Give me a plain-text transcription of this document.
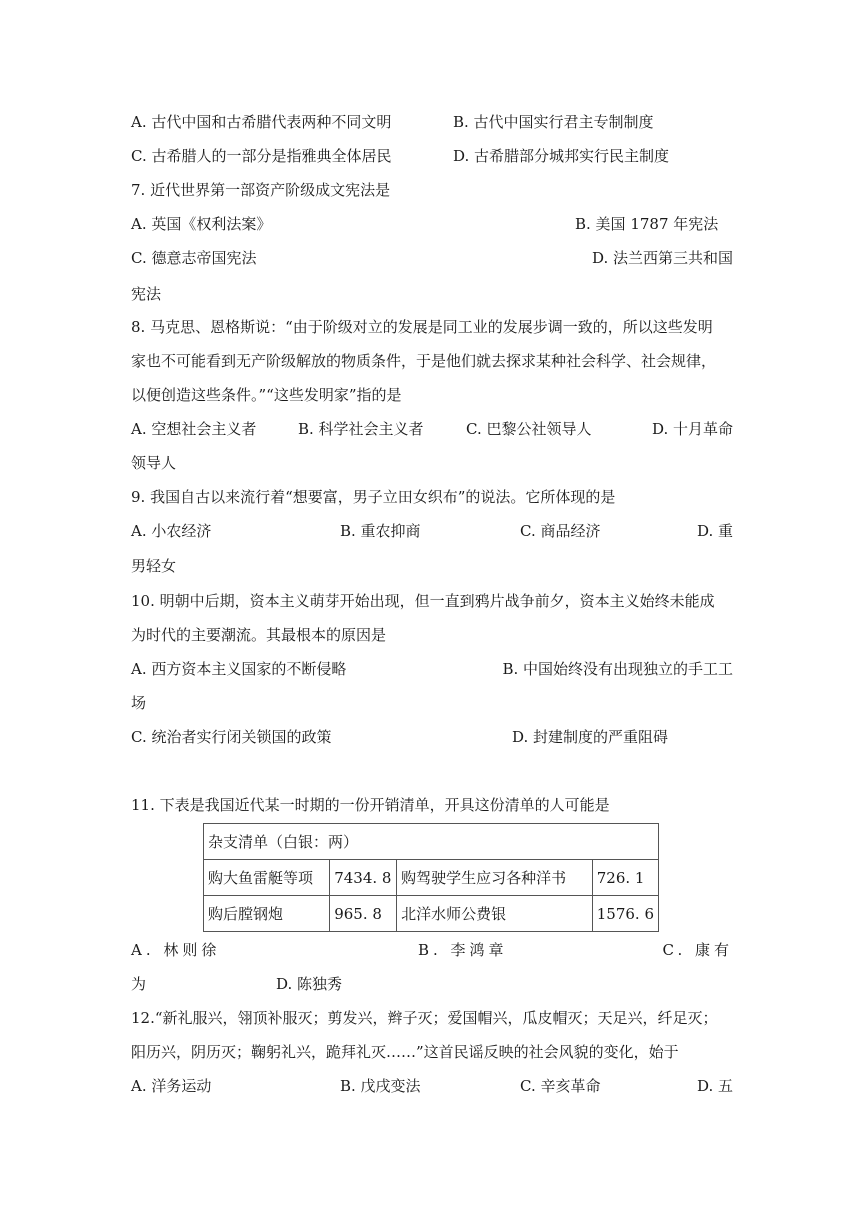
A. 古代中国和古希腊代表两种不同文明	B. 古代中国实行君主专制制度
C. 古希腊人的一部分是指雅典全体居民	D. 古希腊部分城邦实行民主制度
7. 近代世界第一部资产阶级成文宪法是
A. 英国《权利法案》	B. 美国 1787 年宪法
C. 德意志帝国宪法	D. 法兰西第三共和国
宪法
8. 马克思、恩格斯说：“由于阶级对立的发展是同工业的发展步调一致的，所以这些发明
家也不可能看到无产阶级解放的物质条件，于是他们就去探求某种社会科学、社会规律，
以便创造这些条件。”“这些发明家”指的是
A. 空想社会主义者	B. 科学社会主义者	C. 巴黎公社领导人	D. 十月革命
领导人
9. 我国自古以来流行着“想要富，男子立田女织布”的说法。它所体现的是
A. 小农经济	B. 重农抑商	C. 商品经济	D. 重
男轻女
10. 明朝中后期，资本主义萌芽开始出现，但一直到鸦片战争前夕，资本主义始终未能成
为时代的主要潮流。其最根本的原因是
A. 西方资本主义国家的不断侵略	B. 中国始终没有出现独立的手工工
场
C. 统治者实行闭关锁国的政策	D. 封建制度的严重阻碍
11. 下表是我国近代某一时期的一份开销清单，开具这份清单的人可能是
杂支清单（白银：两）			
购大鱼雷艇等项	7434. 8	购驾驶学生应习各种洋书	726. 1
购后膛钢炮	965. 8	北洋水师公费银	1576. 6
A. 林则徐	B. 李鸿章	C. 康有
为	D. 陈独秀
12.“新礼服兴，翎顶补服灭；剪发兴，辫子灭；爱国帽兴，瓜皮帽灭；天足兴，纤足灭；
阳历兴，阴历灭；鞠躬礼兴，跪拜礼灭……”这首民谣反映的社会风貌的变化，始于
A. 洋务运动	B. 戊戌变法	C. 辛亥革命	D. 五
